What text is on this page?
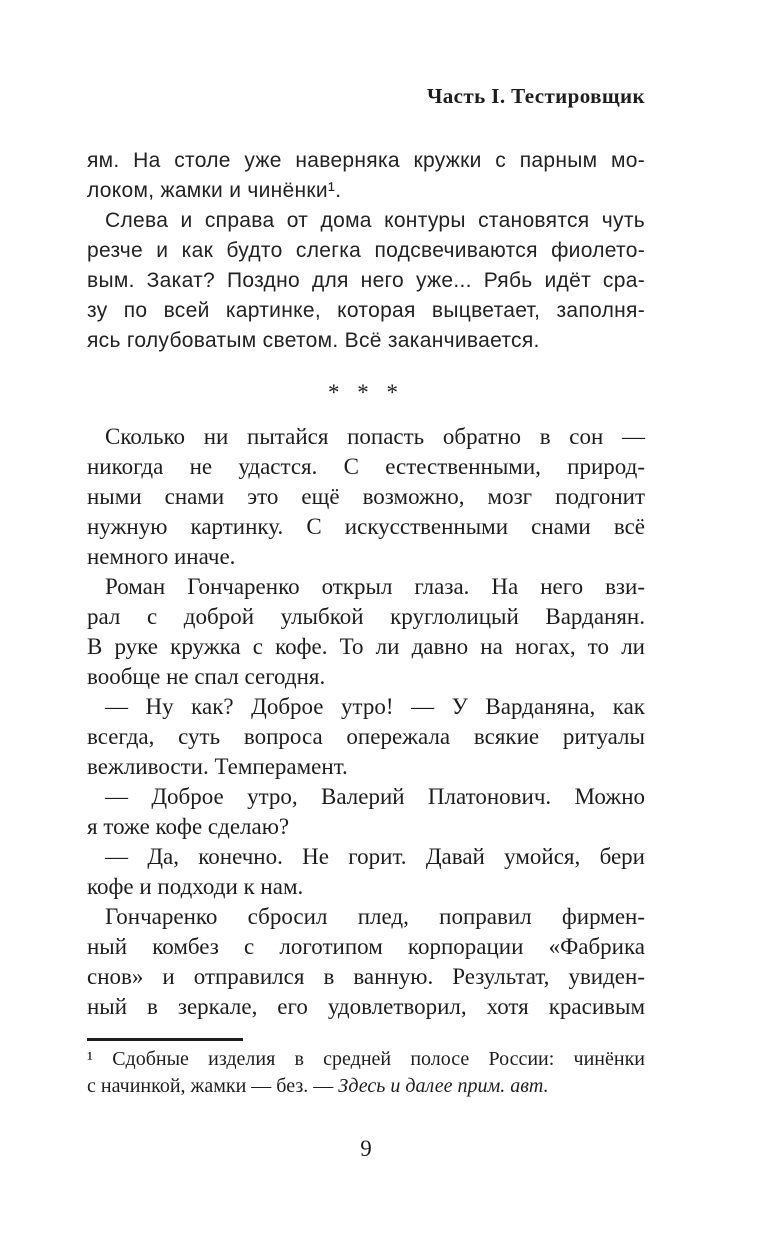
Часть I. Тестировщик

ям. На столе уже наверняка кружки с парным мо-
локом, жамки и чинёнки¹.

Слева и справа от дома контуры становятся чуть
резче и как будто слегка подсвечиваются фиолето-
вым. Закат? Поздно для него уже... Рябь идёт сра-
зу по всей картинке, которая выцветает, заполня-
ясь голубоватым светом. Всё заканчивается.

* * *

Сколько ни пытайся попасть обратно в сон —
никогда не удастся. С естественными, природ-
ными снами это ещё возможно, мозг подгонит
нужную картинку. С искусственными снами всё
немного иначе.

Роман Гончаренко открыл глаза. На него взи-
рал с доброй улыбкой круглолицый Варданян.
В руке кружка с кофе. То ли давно на ногах, то ли
вообще не спал сегодня.

— Ну как? Доброе утро! — У Варданяна, как
всегда, суть вопроса опережала всякие ритуалы
вежливости. Темперамент.

— Доброе утро, Валерий Платонович. Можно
я тоже кофе сделаю?

— Да, конечно. Не горит. Давай умойся, бери
кофе и подходи к нам.

Гончаренко сбросил плед, поправил фирмен-
ный комбез с логотипом корпорации «Фабрика
снов» и отправился в ванную. Результат, увиден-
ный в зеркале, его удовлетворил, хотя красивым

¹ Сдобные изделия в средней полосе России: чинёнки
с начинкой, жамки — без. — Здесь и далее прим. авт.
9
